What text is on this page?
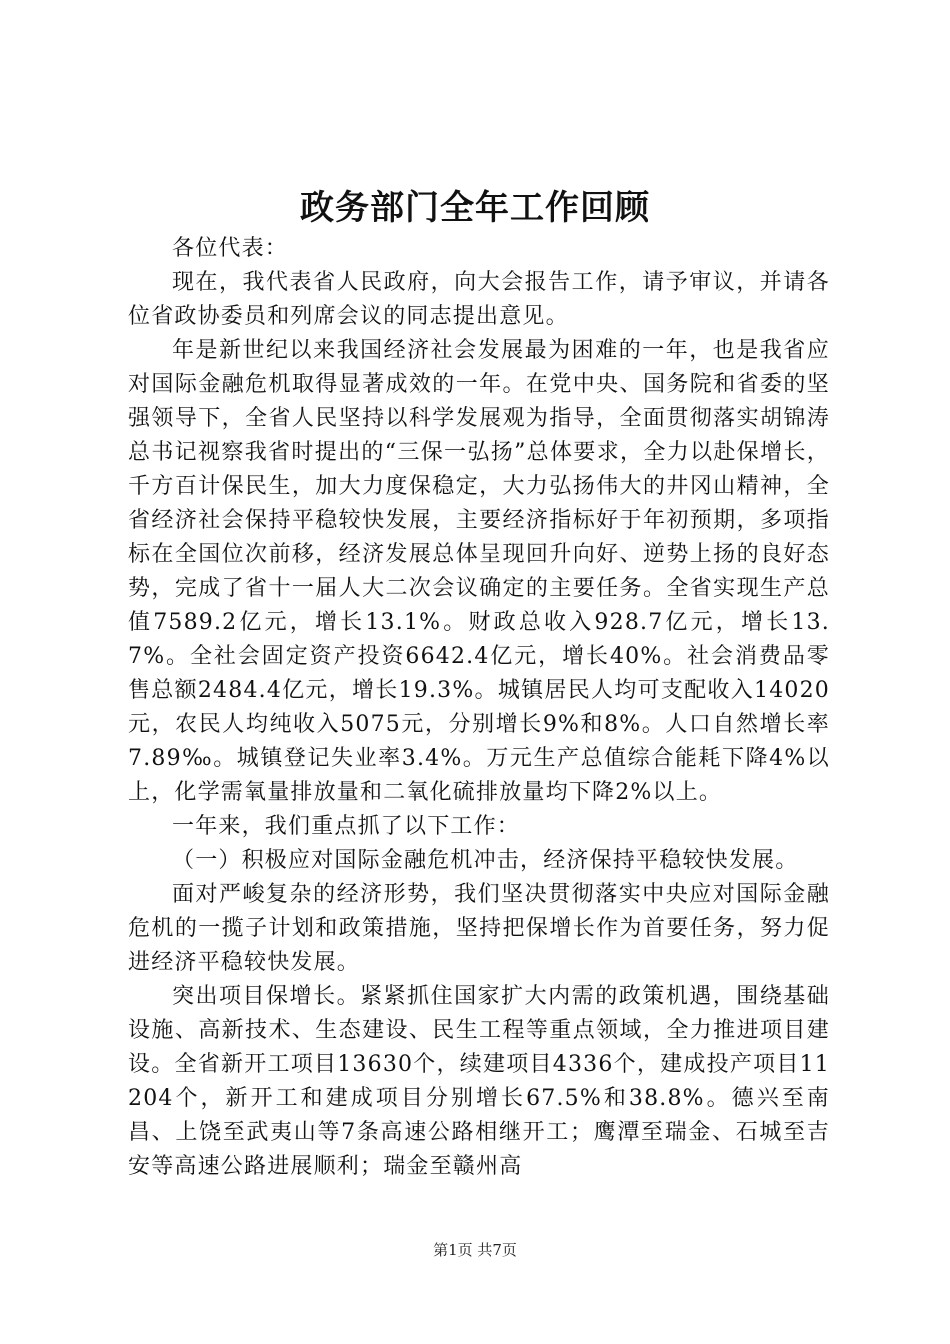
政务部门全年工作回顾

各位代表：

现在，我代表省人民政府，向大会报告工作，请予审议，并请各位省政协委员和列席会议的同志提出意见。

年是新世纪以来我国经济社会发展最为困难的一年，也是我省应对国际金融危机取得显著成效的一年。在党中央、国务院和省委的坚强领导下，全省人民坚持以科学发展观为指导，全面贯彻落实胡锦涛总书记视察我省时提出的“三保一弘扬”总体要求，全力以赴保增长，千方百计保民生，加大力度保稳定，大力弘扬伟大的井冈山精神，全省经济社会保持平稳较快发展，主要经济指标好于年初预期，多项指标在全国位次前移，经济发展总体呈现回升向好、逆势上扬的良好态势，完成了省十一届人大二次会议确定的主要任务。全省实现生产总值7589.2亿元，增长13.1%。财政总收入928.7亿元，增长13.7%。全社会固定资产投资6642.4亿元，增长40%。社会消费品零售总额2484.4亿元，增长19.3%。城镇居民人均可支配收入14020元，农民人均纯收入5075元，分别增长9%和8%。人口自然增长率7.89‰。城镇登记失业率3.4%。万元生产总值综合能耗下降4%以上，化学需氧量排放量和二氧化硫排放量均下降2%以上。

一年来，我们重点抓了以下工作：

（一）积极应对国际金融危机冲击，经济保持平稳较快发展。

面对严峻复杂的经济形势，我们坚决贯彻落实中央应对国际金融危机的一揽子计划和政策措施，坚持把保增长作为首要任务，努力促进经济平稳较快发展。

突出项目保增长。紧紧抓住国家扩大内需的政策机遇，围绕基础设施、高新技术、生态建设、民生工程等重点领域，全力推进项目建设。全省新开工项目13630个，续建项目4336个，建成投产项目11204个，新开工和建成项目分别增长67.5%和38.8%。德兴至南昌、上饶至武夷山等7条高速公路相继开工；鹰潭至瑞金、石城至吉安等高速公路进展顺利；瑞金至赣州高

第1页 共7页
